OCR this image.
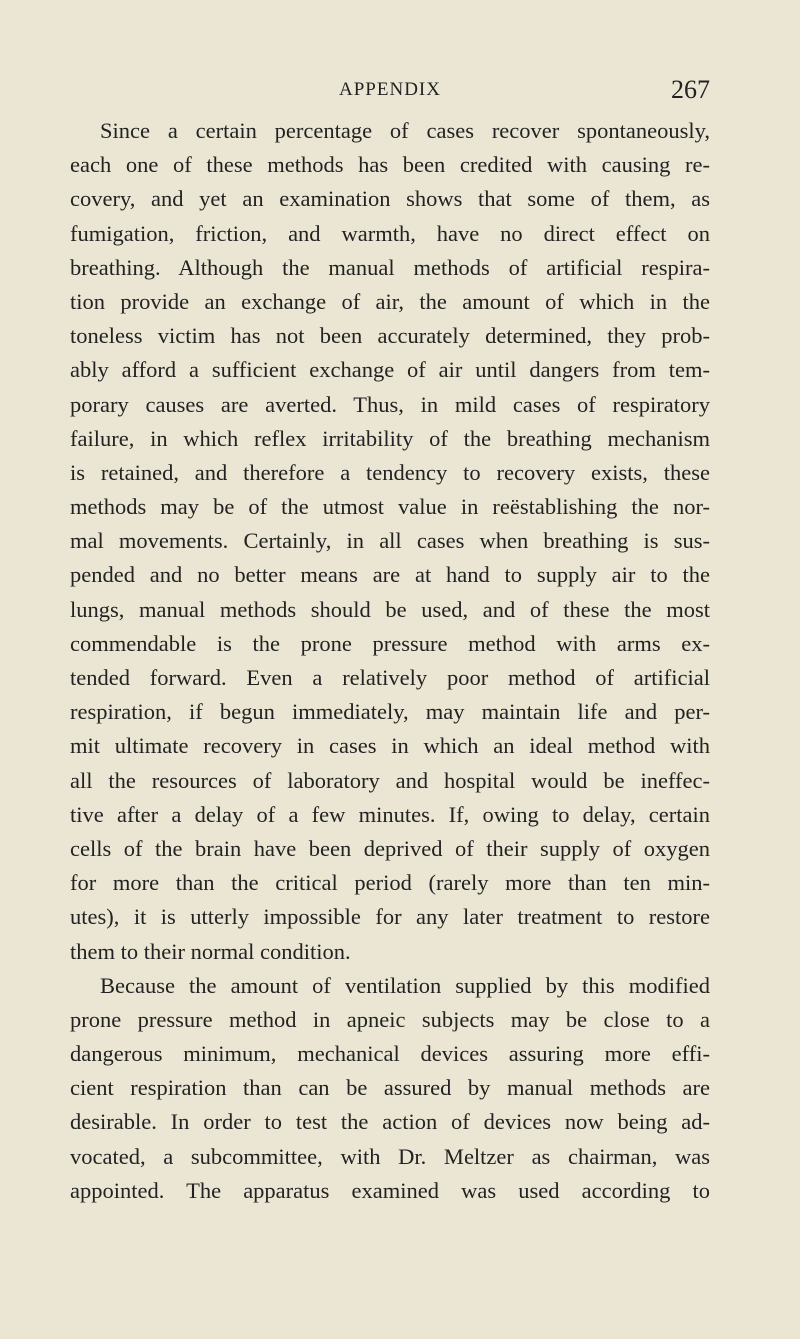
APPENDIX	267
Since a certain percentage of cases recover spontaneously,
each one of these methods has been credited with causing re-
covery, and yet an examination shows that some of them, as
fumigation, friction, and warmth, have no direct effect on
breathing. Although the manual methods of artificial respira-
tion provide an exchange of air, the amount of which in the
toneless victim has not been accurately determined, they prob-
ably afford a sufficient exchange of air until dangers from tem-
porary causes are averted. Thus, in mild cases of respiratory
failure, in which reflex irritability of the breathing mechanism
is retained, and therefore a tendency to recovery exists, these
methods may be of the utmost value in reëstablishing the nor-
mal movements. Certainly, in all cases when breathing is sus-
pended and no better means are at hand to supply air to the
lungs, manual methods should be used, and of these the most
commendable is the prone pressure method with arms ex-
tended forward. Even a relatively poor method of artificial
respiration, if begun immediately, may maintain life and per-
mit ultimate recovery in cases in which an ideal method with
all the resources of laboratory and hospital would be ineffec-
tive after a delay of a few minutes. If, owing to delay, certain
cells of the brain have been deprived of their supply of oxygen
for more than the critical period (rarely more than ten min-
utes), it is utterly impossible for any later treatment to restore
them to their normal condition.
Because the amount of ventilation supplied by this modified
prone pressure method in apneic subjects may be close to a
dangerous minimum, mechanical devices assuring more effi-
cient respiration than can be assured by manual methods are
desirable. In order to test the action of devices now being ad-
vocated, a subcommittee, with Dr. Meltzer as chairman, was
appointed. The apparatus examined was used according to
